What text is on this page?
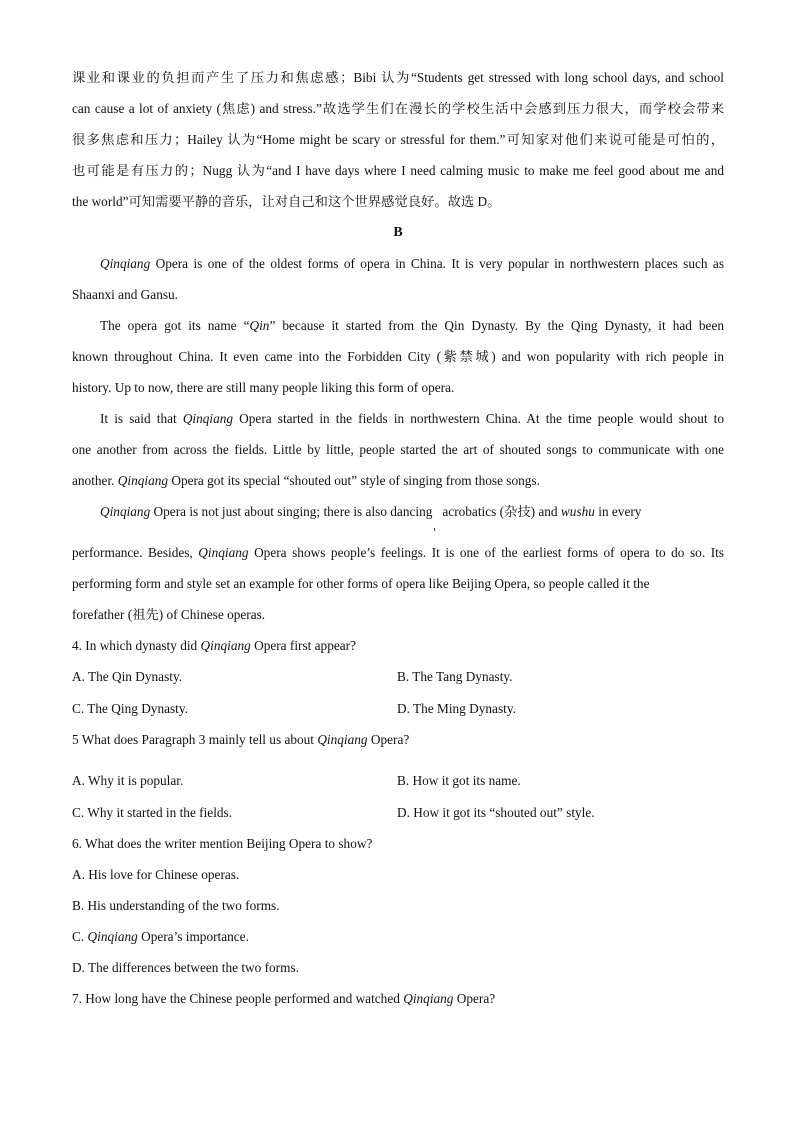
课业和课业的负担而产生了压力和焦虑感；Bibi 认为“Students get stressed with long school days, and school
can cause a lot of anxiety (焦虑) and stress.”故选学生们在漫长的学校生活中会感到压力很大，而学校会带来
很多焦虑和压力；Hailey 认为“Home might be scary or stressful for them.”可知家对他们来说可能是可怕的，
也可能是有压力的；Nugg 认为“and I have days where I need calming music to make me feel good about me and
the world”可知需要平静的音乐，让对自己和这个世界感觉良好。故选 D。
B
Qinqiang Opera is one of the oldest forms of opera in China. It is very popular in northwestern places such as
Shaanxi and Gansu.
The opera got its name “Qin” because it started from the Qin Dynasty. By the Qing Dynasty, it had been
known throughout China. It even came into the Forbidden City (紫禁城) and won popularity with rich people in
history. Up to now, there are still many people liking this form of opera.
It is said that Qinqiang Opera started in the fields in northwestern China. At the time people would shout to
one another from across the fields. Little by little, people started the art of shouted songs to communicate with one
another. Qinqiang Opera got its special “shouted out” style of singing from those songs.
Qinqiang Opera is not just about singing; there is also dancing acrobatics (杂技) and wushu in every
performance. Besides, Qinqiang Opera shows people’s feelings. It is one of the earliest forms of opera to do so. Its
performing form and style set an example for other forms of opera like Beijing Opera, so people called it the
forefather (祖先) of Chinese operas.
4. In which dynasty did Qinqiang Opera first appear?
A. The Qin Dynasty.	B. The Tang Dynasty.
C. The Qing Dynasty.	D. The Ming Dynasty.
5 What does Paragraph 3 mainly tell us about Qinqiang Opera?
A. Why it is popular.	B. How it got its name.
C. Why it started in the fields.	D. How it got its “shouted out” style.
6. What does the writer mention Beijing Opera to show?
A. His love for Chinese operas.
B. His understanding of the two forms.
C. Qinqiang Opera’s importance.
D. The differences between the two forms.
7. How long have the Chinese people performed and watched Qinqiang Opera?
